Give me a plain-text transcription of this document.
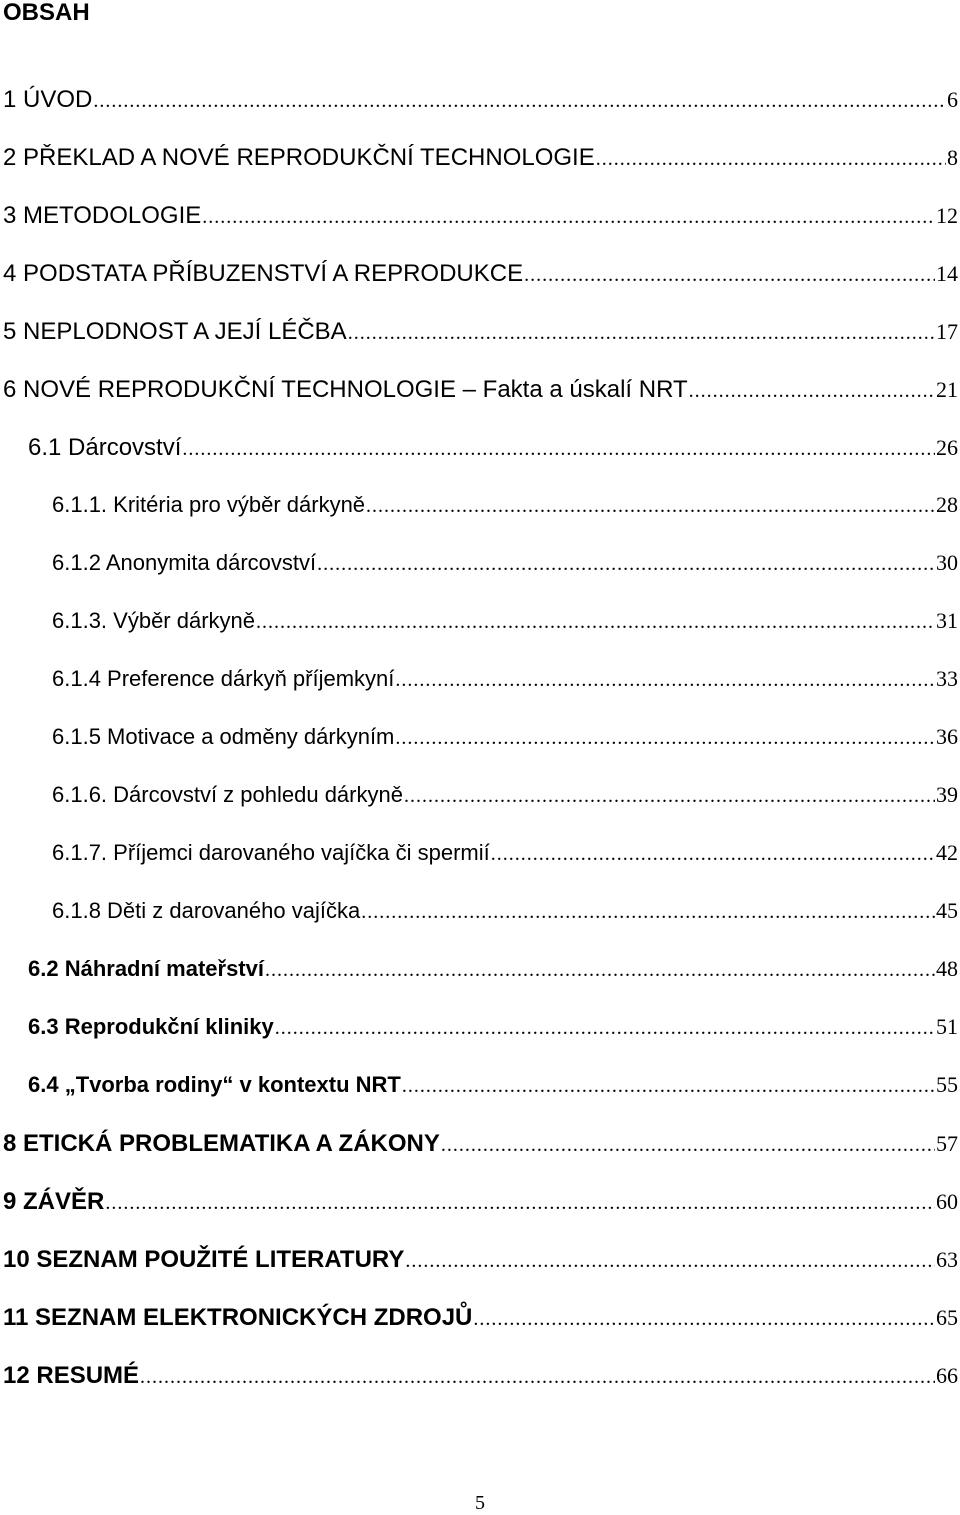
OBSAH
1 ÚVOD .....	6
2 PŘEKLAD A NOVÉ REPRODUKČNÍ TECHNOLOGIE .....	8
3 METODOLOGIE .....	12
4 PODSTATA PŘÍBUZENSTVÍ A REPRODUKCE .....	14
5 NEPLODNOST A JEJÍ LÉČBA .....	17
6 NOVÉ REPRODUKČNÍ TECHNOLOGIE – Fakta a úskalí NRT .....	21
6.1 Dárcovství .....	26
6.1.1. Kritéria pro výběr dárkyně .....	28
6.1.2 Anonymita dárcovství .....	30
6.1.3. Výběr dárkyně .....	31
6.1.4 Preference dárkyň příjemkyní .....	33
6.1.5 Motivace a odměny dárkyním .....	36
6.1.6. Dárcovství z pohledu dárkyně .....	39
6.1.7. Příjemci darovaného vajíčka či spermií .....	42
6.1.8 Děti z darovaného vajíčka .....	45
6.2 Náhradní mateřství .....	48
6.3 Reprodukční kliniky .....	51
6.4 „Tvorba rodiny“ v kontextu NRT .....	55
8 ETICKÁ PROBLEMATIKA A ZÁKONY .....	57
9 ZÁVĚR .....	60
10 SEZNAM POUŽITÉ LITERATURY .....	63
11 SEZNAM ELEKTRONICKÝCH ZDROJŮ .....	65
12 RESUMÉ .....	66
5
